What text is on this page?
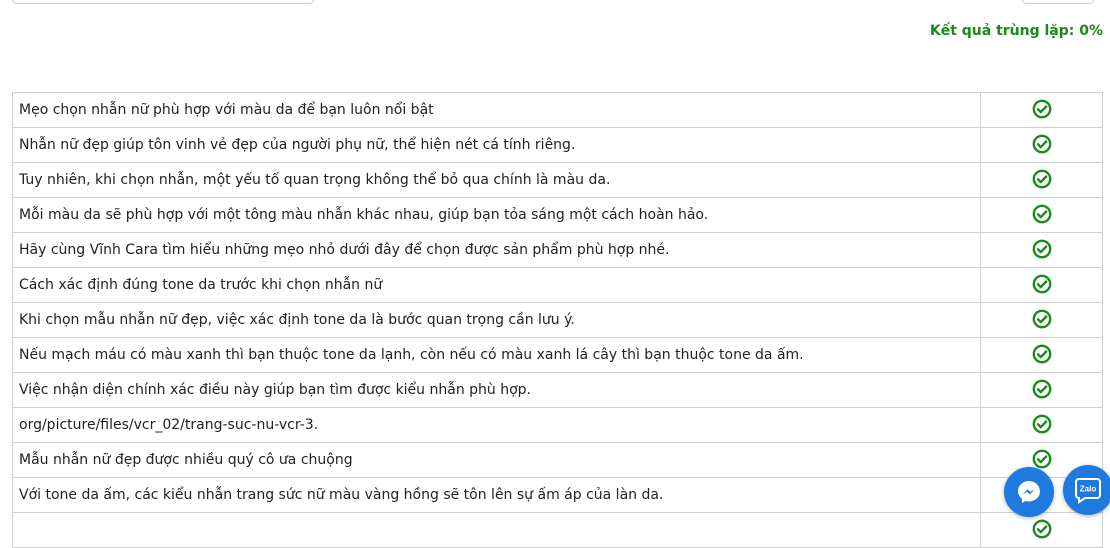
Kết quả trùng lặp: 0%
Mẹo chọn nhẫn nữ phù hợp với màu da để bạn luôn nổi bật	

Nhẫn nữ đẹp giúp tôn vinh vẻ đẹp của người phụ nữ, thể hiện nét cá tính riêng.	

Tuy nhiên, khi chọn nhẫn, một yếu tố quan trọng không thể bỏ qua chính là màu da.	

Mỗi màu da sẽ phù hợp với một tông màu nhẫn khác nhau, giúp bạn tỏa sáng một cách hoàn hảo.	

Hãy cùng Vĩnh Cara tìm hiểu những mẹo nhỏ dưới đây để chọn được sản phẩm phù hợp nhé.	

Cách xác định đúng tone da trước khi chọn nhẫn nữ	

Khi chọn mẫu nhẫn nữ đẹp, việc xác định tone da là bước quan trọng cần lưu ý.	

Nếu mạch máu có màu xanh thì bạn thuộc tone da lạnh, còn nếu có màu xanh lá cây thì bạn thuộc tone da ấm.	

Việc nhận diện chính xác điều này giúp bạn tìm được kiểu nhẫn phù hợp.	

org/picture/files/vcr_02/trang-suc-nu-vcr-3.	

Mẫu nhẫn nữ đẹp được nhiều quý cô ưa chuộng	

Với tone da ấm, các kiểu nhẫn trang sức nữ màu vàng hồng sẽ tôn lên sự ấm áp của làn da.	

		Zalo
